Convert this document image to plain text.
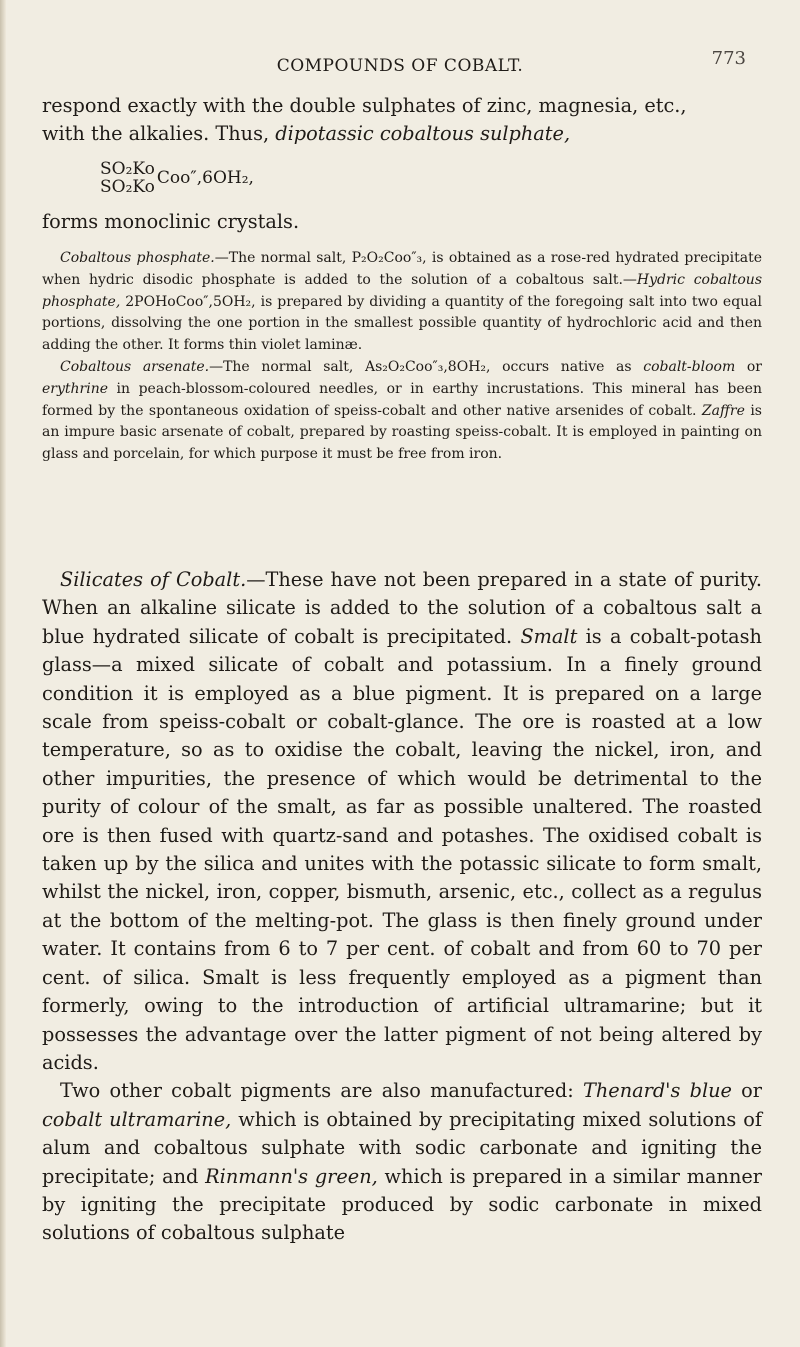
COMPOUNDS OF COBALT.	773

respond exactly with the double sulphates of zinc, magnesia, etc.,
with the alkalies. Thus, dipotassic cobaltous sulphate,

SO₂Ko
SO₂Ko Coo″,6OH₂,

forms monoclinic crystals.

Cobaltous phosphate.—The normal salt, P₂O₂Coo″₃, is obtained as a rose-red hydrated precipitate when hydric disodic phosphate is added to the solution of a cobaltous salt.—Hydric cobaltous phosphate, 2POHoCoo″,5OH₂, is prepared by dividing a quantity of the foregoing salt into two equal portions, dissolving the one portion in the smallest possible quantity of hydrochloric acid and then adding the other. It forms thin violet laminæ.

Cobaltous arsenate.—The normal salt, As₂O₂Coo″₃,8OH₂, occurs native as cobalt-bloom or erythrine in peach-blossom-coloured needles, or in earthy incrustations. This mineral has been formed by the spontaneous oxidation of speiss-cobalt and other native arsenides of cobalt. Zaffre is an impure basic arsenate of cobalt, prepared by roasting speiss-cobalt. It is employed in painting on glass and porcelain, for which purpose it must be free from iron.

Silicates of Cobalt.—These have not been prepared in a state of purity. When an alkaline silicate is added to the solution of a cobaltous salt a blue hydrated silicate of cobalt is precipitated. Smalt is a cobalt-potash glass—a mixed silicate of cobalt and potassium. In a finely ground condition it is employed as a blue pigment. It is prepared on a large scale from speiss-cobalt or cobalt-glance. The ore is roasted at a low temperature, so as to oxidise the cobalt, leaving the nickel, iron, and other impurities, the presence of which would be detrimental to the purity of colour of the smalt, as far as possible unaltered. The roasted ore is then fused with quartz-sand and potashes. The oxidised cobalt is taken up by the silica and unites with the potassic silicate to form smalt, whilst the nickel, iron, copper, bismuth, arsenic, etc., collect as a regulus at the bottom of the melting-pot. The glass is then finely ground under water. It contains from 6 to 7 per cent. of cobalt and from 60 to 70 per cent. of silica. Smalt is less frequently employed as a pigment than formerly, owing to the introduction of artificial ultramarine; but it possesses the advantage over the latter pigment of not being altered by acids.

Two other cobalt pigments are also manufactured: Thenard's blue or cobalt ultramarine, which is obtained by precipitating mixed solutions of alum and cobaltous sulphate with sodic carbonate and igniting the precipitate; and Rinmann's green, which is prepared in a similar manner by igniting the precipitate produced by sodic carbonate in mixed solutions of cobaltous sulphate
